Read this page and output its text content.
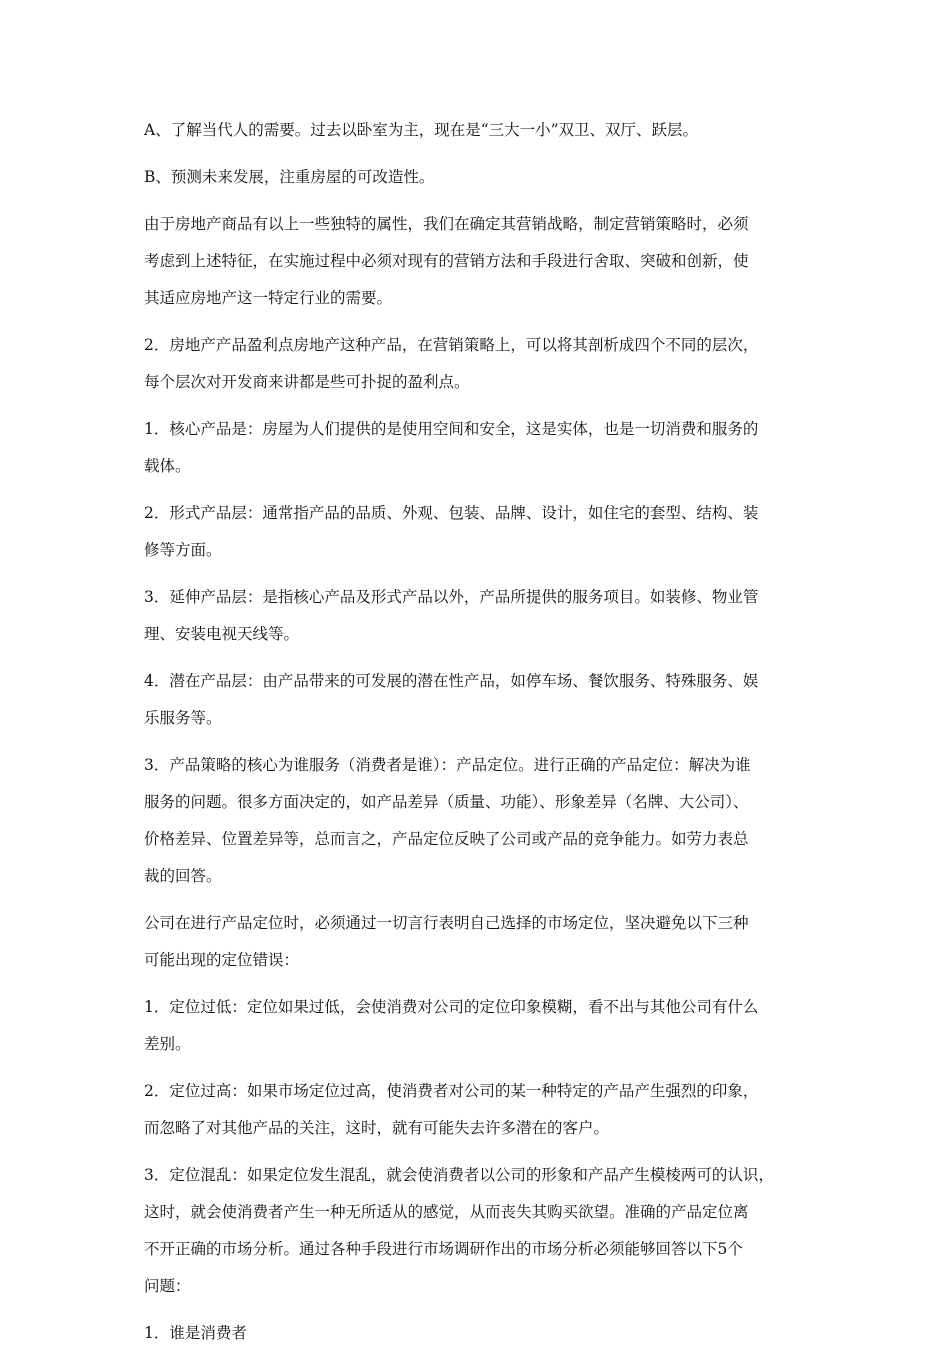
A、了解当代人的需要。过去以卧室为主，现在是“三大一小”双卫、双厅、跃层。
B、预测未来发展，注重房屋的可改造性。
由于房地产商品有以上一些独特的属性，我们在确定其营销战略，制定营销策略时，必须
考虑到上述特征，在实施过程中必须对现有的营销方法和手段进行舍取、突破和创新，使
其适应房地产这一特定行业的需要。
2．房地产产品盈利点房地产这种产品，在营销策略上，可以将其剖析成四个不同的层次，
每个层次对开发商来讲都是些可扑捉的盈利点。
1．核心产品是：房屋为人们提供的是使用空间和安全，这是实体，也是一切消费和服务的
载体。
2．形式产品层：通常指产品的品质、外观、包装、品牌、设计，如住宅的套型、结构、装
修等方面。
3．延伸产品层：是指核心产品及形式产品以外，产品所提供的服务项目。如装修、物业管
理、安装电视天线等。
4．潜在产品层：由产品带来的可发展的潜在性产品，如停车场、餐饮服务、特殊服务、娱
乐服务等。
3．产品策略的核心为谁服务（消费者是谁）：产品定位。进行正确的产品定位：解决为谁
服务的问题。很多方面决定的，如产品差异（质量、功能）、形象差异（名牌、大公司）、
价格差异、位置差异等，总而言之，产品定位反映了公司或产品的竞争能力。如劳力表总
裁的回答。
公司在进行产品定位时，必须通过一切言行表明自己选择的市场定位，坚决避免以下三种
可能出现的定位错误：
1．定位过低：定位如果过低，会使消费对公司的定位印象模糊，看不出与其他公司有什么
差别。
2．定位过高：如果市场定位过高，使消费者对公司的某一种特定的产品产生强烈的印象，
而忽略了对其他产品的关注，这时，就有可能失去许多潜在的客户。
3．定位混乱：如果定位发生混乱，就会使消费者以公司的形象和产品产生模棱两可的认识，
这时，就会使消费者产生一种无所适从的感觉，从而丧失其购买欲望。准确的产品定位离
不开正确的市场分析。通过各种手段进行市场调研作出的市场分析必须能够回答以下5个
问题：
1．谁是消费者
